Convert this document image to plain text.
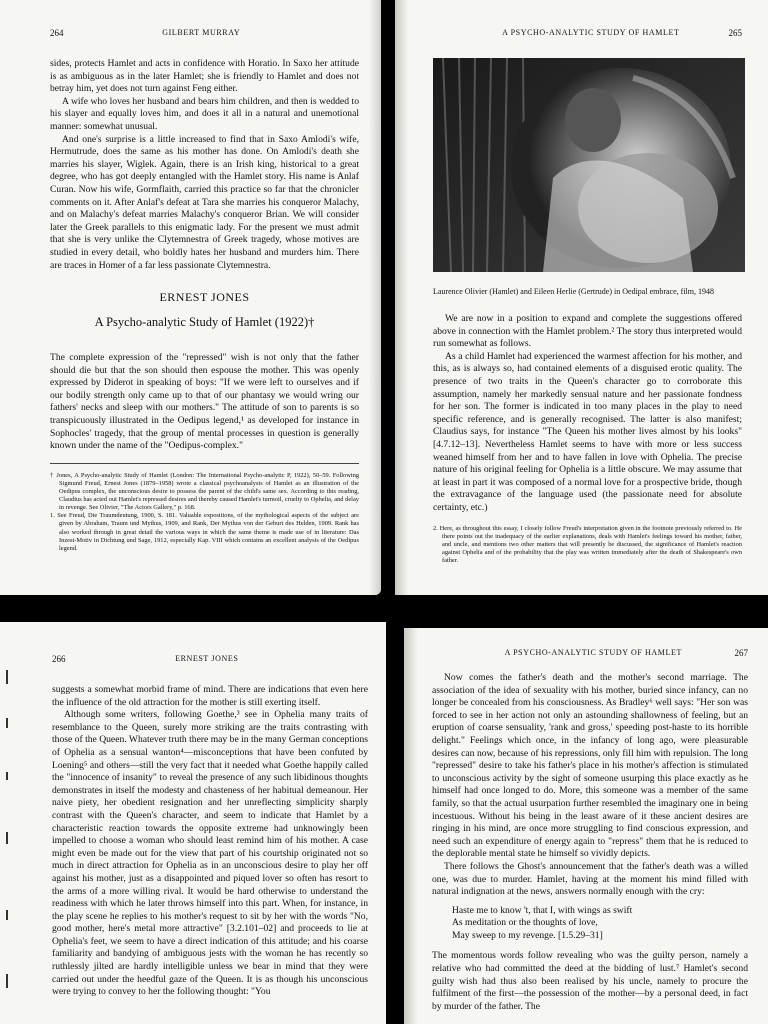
264	GILBERT MURRAY

sides, protects Hamlet and acts in confidence with Horatio. In Saxo her attitude is as ambiguous as in the later Hamlet; she is friendly to Hamlet and does not betray him, yet does not turn against Feng either.

A wife who loves her husband and bears him children, and then is wedded to his slayer and equally loves him, and does it all in a natural and unemotional manner: somewhat unusual.

And one's surprise is a little increased to find that in Saxo Amlodi's wife, Hermutrude, does the same as his mother has done. On Amlodi's death she marries his slayer, Wiglek. Again, there is an Irish king, historical to a great degree, who has got deeply entangled with the Hamlet story. His name is Anlaf Curan. Now his wife, Gormflaith, carried this practice so far that the chronicler comments on it. After Anlaf's defeat at Tara she marries his conqueror Malachy, and on Malachy's defeat marries Malachy's conqueror Brian. We will consider later the Greek parallels to this enigmatic lady. For the present we must admit that she is very unlike the Clytemnestra of Greek tragedy, whose motives are studied in every detail, who boldly hates her husband and murders him. There are traces in Homer of a far less passionate Clytemnestra.

ERNEST JONES
A Psycho-analytic Study of Hamlet (1922)†

The complete expression of the "repressed" wish is not only that the father should die but that the son should then espouse the mother. This was openly expressed by Diderot in speaking of boys: "If we were left to ourselves and if our bodily strength only came up to that of our phantasy we would wring our fathers' necks and sleep with our mothers." The attitude of son to parents is so transpicuously illustrated in the Oedipus legend,¹ as developed for instance in Sophocles' tragedy, that the group of mental processes in question is generally known under the name of the "Oedipus-complex."

† Jones, A Psycho-analytic Study of Hamlet (London: The International Psycho-analytic P, 1922), 50–59. Following Sigmund Freud, Ernest Jones (1879–1958) wrote a classical psychoanalysis of Hamlet as an illustration of the Oedipus complex, the unconscious desire to possess the parent of the child's same sex. According to this reading, Claudius has acted out Hamlet's repressed desires and thereby caused Hamlet's turmoil, cruelty to Ophelia, and delay in revenge. See Olivier, "The Actors Gallery," p. 168.
1. See Freud, Die Traumdeutung, 1900, S. 181. Valuable expositions, of the mythological aspects of the subject are given by Abraham, Traum und Mythus, 1909, and Rank, Der Mythus von der Geburt des Helden, 1909. Rank has also worked through in great detail the various ways in which the same theme is made use of in literature: Das Inzest-Motiv in Dichtung und Sage, 1912, especially Kap. VIII which contains an excellent analysis of the Oedipus legend.
A PSYCHO-ANALYTIC STUDY OF HAMLET	265
Laurence Olivier (Hamlet) and Eileen Herlie (Gertrude) in Oedipal embrace, film, 1948

We are now in a position to expand and complete the suggestions offered above in connection with the Hamlet problem.² The story thus interpreted would run somewhat as follows.

As a child Hamlet had experienced the warmest affection for his mother, and this, as is always so, had contained elements of a disguised erotic quality. The presence of two traits in the Queen's character go to corroborate this assumption, namely her markedly sensual nature and her passionate fondness for her son. The former is indicated in too many places in the play to need specific reference, and is generally recognised. The latter is also manifest; Claudius says, for instance "The Queen his mother lives almost by his looks" [4.7.12–13]. Nevertheless Hamlet seems to have with more or less success weaned himself from her and to have fallen in love with Ophelia. The precise nature of his original feeling for Ophelia is a little obscure. We may assume that at least in part it was composed of a normal love for a prospective bride, though the extravagance of the language used (the passionate need for absolute certainty, etc.)

2. Here, as throughout this essay, I closely follow Freud's interpretation given in the footnote previously referred to. He there points out the inadequacy of the earlier explanations, deals with Hamlet's feelings toward his mother, father, and uncle, and mentions two other matters that will presently be discussed, the significance of Hamlet's reaction against Ophelia and of the probability that the play was written immediately after the death of Shakespeare's own father.
266	ERNEST JONES

suggests a somewhat morbid frame of mind. There are indications that even here the influence of the old attraction for the mother is still exerting itself.

Although some writers, following Goethe,³ see in Ophelia many traits of resemblance to the Queen, surely more striking are the traits contrasting with those of the Queen. Whatever truth there may be in the many German conceptions of Ophelia as a sensual wanton⁴—misconceptions that have been confuted by Loening⁵ and others—still the very fact that it needed what Goethe happily called the "innocence of insanity" to reveal the presence of any such libidinous thoughts demonstrates in itself the modesty and chasteness of her habitual demeanour. Her naive piety, her obedient resignation and her unreflecting simplicity sharply contrast with the Queen's character, and seem to indicate that Hamlet by a characteristic reaction towards the opposite extreme had unknowingly been impelled to choose a woman who should least remind him of his mother. A case might even be made out for the view that part of his courtship originated not so much in direct attraction for Ophelia as in an unconscious desire to play her off against his mother, just as a disappointed and piqued lover so often has resort to the arms of a more willing rival. It would be hard otherwise to understand the readiness with which he later throws himself into this part. When, for instance, in the play scene he replies to his mother's request to sit by her with the words "No, good mother, here's metal more attractive" [3.2.101–02] and proceeds to lie at Ophelia's feet, we seem to have a direct indication of this attitude; and his coarse familiarity and bandying of ambiguous jests with the woman he has recently so ruthlessly jilted are hardly intelligible unless we bear in mind that they were carried out under the heedful gaze of the Queen. It is as though his unconscious were trying to convey to her the following thought: "You

A PSYCHO-ANALYTIC STUDY OF HAMLET	267

Now comes the father's death and the mother's second marriage. The association of the idea of sexuality with his mother, buried since infancy, can no longer be concealed from his consciousness. As Bradley⁶ well says: "Her son was forced to see in her action not only an astounding shallowness of feeling, but an eruption of coarse sensuality, 'rank and gross,' speeding post-haste to its horrible delight." Feelings which once, in the infancy of long ago, were pleasurable desires can now, because of his repressions, only fill him with repulsion. The long "repressed" desire to take his father's place in his mother's affection is stimulated to unconscious activity by the sight of someone usurping this place exactly as he himself had once longed to do. More, this someone was a member of the same family, so that the actual usurpation further resembled the imaginary one in being incestuous. Without his being in the least aware of it these ancient desires are ringing in his mind, are once more struggling to find conscious expression, and need such an expenditure of energy again to "repress" them that he is reduced to the deplorable mental state he himself so vividly depicts.

There follows the Ghost's announcement that the father's death was a willed one, was due to murder. Hamlet, having at the moment his mind filled with natural indignation at the news, answers normally enough with the cry:

Haste me to know 't, that I, with wings as swift
As meditation or the thoughts of love,
May sweep to my revenge. [1.5.29–31]

The momentous words follow revealing who was the guilty person, namely a relative who had committed the deed at the bidding of lust.⁷ Hamlet's second guilty wish had thus also been realised by his uncle, namely to procure the fulfilment of the first—the possession of the mother—by a personal deed, in fact by murder of the father. The
